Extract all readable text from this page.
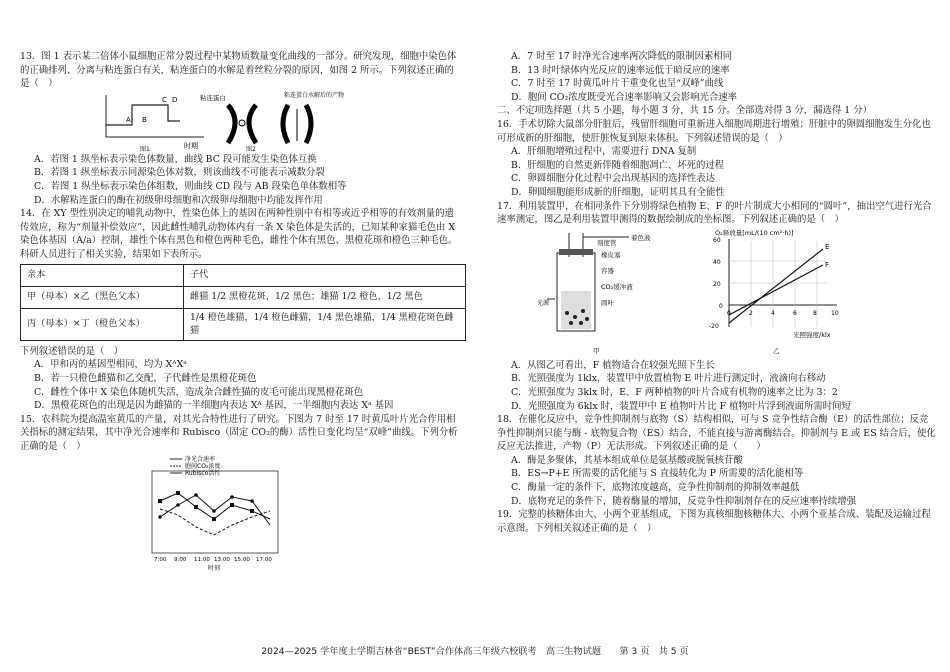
13．图 1 表示某二倍体小鼠细胞正常分裂过程中某物质数量变化曲线的一部分。研究发现，细胞中染色体的正确排列、分离与粘连蛋白有关，粘连蛋白的水解是着丝粒分裂的原因，如图 2 所示。下列叙述正确的是（　）

A B
C D
时期
图1
粘连蛋白	粘连蛋白水解后的产物
图2

A．若图 1 纵坐标表示染色体数量，曲线 BC 段可能发生染色体互换

B．若图 1 纵坐标表示同源染色体对数，则该曲线不可能表示减数分裂

C．若图 1 纵坐标表示染色体组数，则曲线 CD 段与 AB 段染色单体数相等

D．水解粘连蛋白的酶在初级卵母细胞和次级卵母细胞中均能发挥作用

14．在 XY 型性别决定的哺乳动物中，性染色体上的基因在两种性别中有相等或近乎相等的有效剂量的遗传效应，称为“剂量补偿效应”，因此雌性哺乳动物体内有一条 X 染色体是失活的，已知某种家猫毛色由 X 染色体基因（A/a）控制，雄性个体有黑色和橙色两种毛色，雌性个体有黑色、黑橙花斑和橙色三种毛色。科研人员进行了相关实验，结果如下表所示。

亲本	子代
甲（母本）×乙（黑色父本）	雌猫 1/2 黑橙花斑，1/2 黑色；雄猫 1/2 橙色，1/2 黑色
丙（母本）×丁（橙色父本）	1/4 橙色雄猫，1/4 橙色雌猫，1/4 黑色雄猫，1/4 黑橙花斑色雌猫

下列叙述错误的是（　）

A．甲和丙的基因型相同，均为 XᴬXᵃ

B．若一只橙色雌猫和乙交配，子代雌性是黑橙花斑色

C．雌性个体中 X 染色体随机失活，造成杂合雌性猫的皮毛可能出现黑橙花斑色

D．黑橙花斑色的出现是因为雌猫的一半细胞内表达 Xᴬ 基因，一半细胞内表达 Xᵃ 基因

15．农科院为提高温室黄瓜的产量，对其光合特性进行了研究。下图为 7 时至 17 时黄瓜叶片光合作用相关指标的测定结果，其中净光合速率和 Rubisco（固定 CO₂的酶）活性日变化均呈“双峰”曲线。下列分析正确的是（　）

净光合速率
胞间CO₂浓度
Rubisco活性
7:00 9:00 11:00 13:00 15:00 17:00
时刻

A．7 时至 17 时净光合速率两次降低的限制因素相同

B．13 时叶绿体内光反应的速率远低于暗反应的速率

C．7 时至 17 时黄瓜叶片干重变化也呈“双峰”曲线

D．胞间 CO₂浓度既受光合速率影响又会影响光合速率

二、不定项选择题（共 5 小题，每小题 3 分，共 15 分。全部选对得 3 分，漏选得 1 分）

16．手术切除大鼠部分肝脏后，残留肝细胞可重新进入细胞周期进行增殖；肝脏中的卵圆细胞发生分化也可形成新的肝细胞，使肝脏恢复到原来体积。下列叙述错误的是（　）

A．肝细胞增殖过程中，需要进行 DNA 复制

B．肝细胞的自然更新伴随着细胞凋亡、坏死的过程

C．卵圆细胞分化过程中会出现基因的选择性表达

D．卵圆细胞能形成新的肝细胞，证明其具有全能性

17．利用装置甲，在相同条件下分别将绿色植物 E、F 的叶片制成大小相同的“圆叶”，抽出空气进行光合速率测定，图乙是利用装置甲测得的数据绘制成的坐标图。下列叙述正确的是（　）

光源
刻度管
着色液
橡皮塞
容器
CO₂缓冲液
圆叶
甲
O₂释放量[mL/(10 cm²·h)]
E
F
60
40
20
0
-20
0	2	4	6	8 10
光照强度/klx
乙

A．从图乙可看出，F 植物适合在较强光照下生长

B．光照强度为 1klx，装置甲中放置植物 E 叶片进行测定时，液滴向右移动

C．光照强度为 3klx 时，E、F 两种植物的叶片合成有机物的速率之比为 3：2

D．光照强度为 6klx 时，装置甲中 E 植物叶片比 F 植物叶片浮到液面所需时间短

18．在催化反应中，竞争性抑制剂与底物（S）结构相似，可与 S 竞争性结合酶（E）的活性部位；反竞争性抑制剂只能与酶 - 底物复合物（ES）结合，不能直接与游离酶结合。抑制剂与 E 或 ES 结合后，使化反应无法推进，产物（P）无法形成。下列叙述正确的是（　　）

A．酶是多聚体，其基本组成单位是氨基酸或脱氧核苷酸

B．ES→P+E 所需要的活化能与 S 直接转化为 P 所需要的活化能相等

C．酶量一定的条件下，底物浓度越高，竞争性抑制剂的抑制效率越低

D．底物充足的条件下，随着酶量的增加，反竞争性抑制剂存在的反应速率持续增强

19．完整的核糖体由大、小两个亚基组成，下图为真核细胞核糖体大、小两个亚基合成、装配及运输过程示意图。下列相关叙述正确的是（　）

2024—2025 学年度上学期吉林省“BEST”合作体高三年级六校联考　高三生物试题　　第 3 页　共 5 页
